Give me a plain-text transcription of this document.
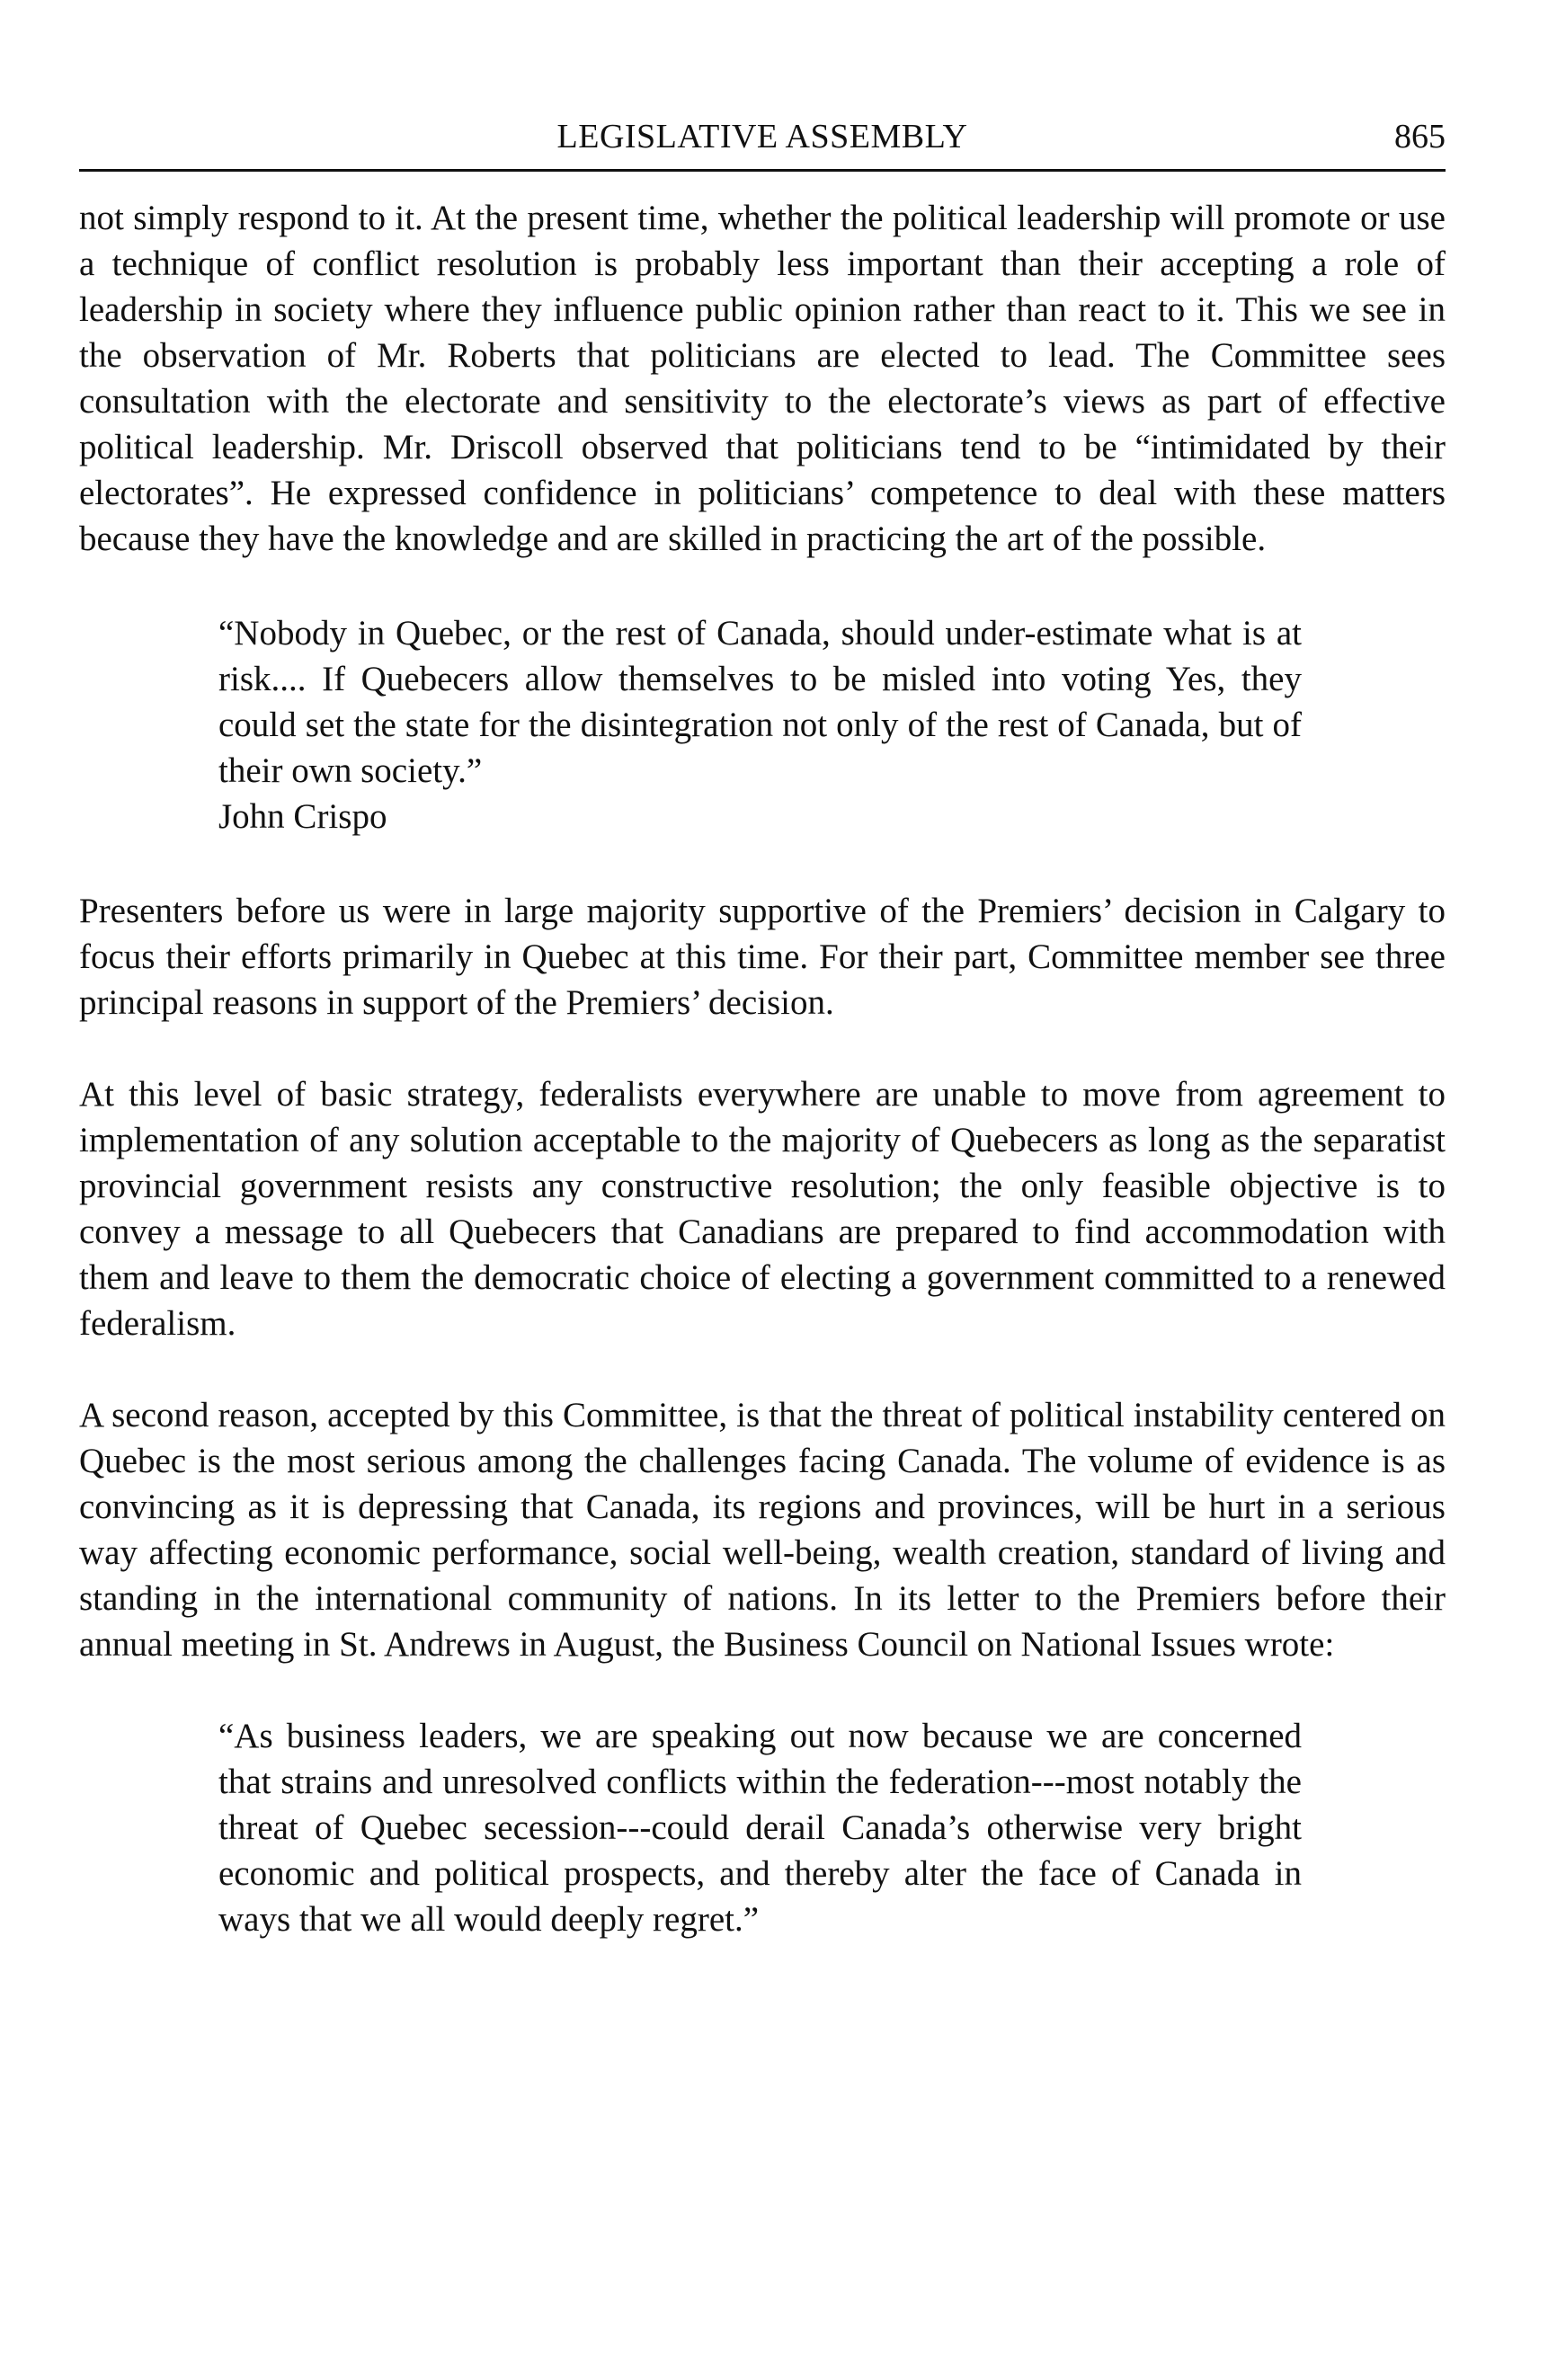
LEGISLATIVE ASSEMBLY	865

not simply respond to it. At the present time, whether the political leadership will promote or use a technique of conflict resolution is probably less important than their accepting a role of leadership in society where they influence public opinion rather than react to it. This we see in the observation of Mr. Roberts that politicians are elected to lead. The Committee sees consultation with the electorate and sensitivity to the electorate’s views as part of effective political leadership. Mr. Driscoll observed that politicians tend to be “intimidated by their electorates”. He expressed confidence in politicians’ competence to deal with these matters because they have the knowledge and are skilled in practicing the art of the possible.

“Nobody in Quebec, or the rest of Canada, should under-estimate what is at risk.... If Quebecers allow themselves to be misled into voting Yes, they could set the state for the disintegration not only of the rest of Canada, but of their own society.”

John Crispo

Presenters before us were in large majority supportive of the Premiers’ decision in Calgary to focus their efforts primarily in Quebec at this time. For their part, Committee member see three principal reasons in support of the Premiers’ decision.

At this level of basic strategy, federalists everywhere are unable to move from agreement to implementation of any solution acceptable to the majority of Quebecers as long as the separatist provincial government resists any constructive resolution; the only feasible objective is to convey a message to all Quebecers that Canadians are prepared to find accommodation with them and leave to them the democratic choice of electing a government committed to a renewed federalism.

A second reason, accepted by this Committee, is that the threat of political instability centered on Quebec is the most serious among the challenges facing Canada. The volume of evidence is as convincing as it is depressing that Canada, its regions and provinces, will be hurt in a serious way affecting economic performance, social well-being, wealth creation, standard of living and standing in the international community of nations. In its letter to the Premiers before their annual meeting in St. Andrews in August, the Business Council on National Issues wrote:

“As business leaders, we are speaking out now because we are concerned that strains and unresolved conflicts within the federation---most notably the threat of Quebec secession---could derail Canada’s otherwise very bright economic and political prospects, and thereby alter the face of Canada in ways that we all would deeply regret.”
